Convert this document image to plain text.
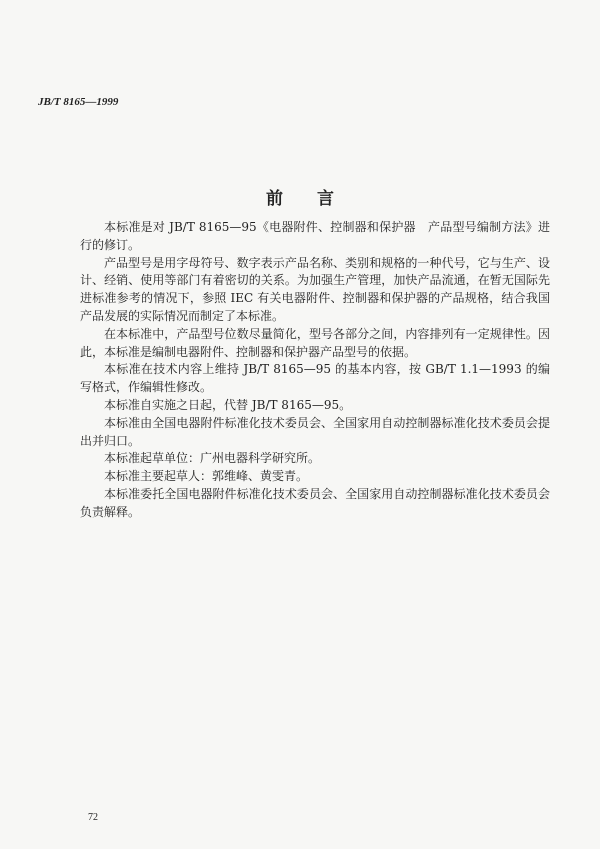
JB/T 8165—1999
前 言

本标准是对 JB/T 8165—95《电器附件、控制器和保护器　产品型号编制方法》进行的修订。

产品型号是用字母符号、数字表示产品名称、类别和规格的一种代号，它与生产、设计、经销、使用等部门有着密切的关系。为加强生产管理，加快产品流通，在暂无国际先进标准参考的情况下，参照 IEC 有关电器附件、控制器和保护器的产品规格，结合我国产品发展的实际情况而制定了本标准。

在本标准中，产品型号位数尽量简化，型号各部分之间，内容排列有一定规律性。因此，本标准是编制电器附件、控制器和保护器产品型号的依据。

本标准在技术内容上维持 JB/T 8165—95 的基本内容，按 GB/T 1.1—1993 的编写格式，作编辑性修改。

本标准自实施之日起，代替 JB/T 8165—95。

本标准由全国电器附件标准化技术委员会、全国家用自动控制器标准化技术委员会提出并归口。

本标准起草单位：广州电器科学研究所。

本标准主要起草人：郭维峰、黄雯青。

本标准委托全国电器附件标准化技术委员会、全国家用自动控制器标准化技术委员会负责解释。

72
